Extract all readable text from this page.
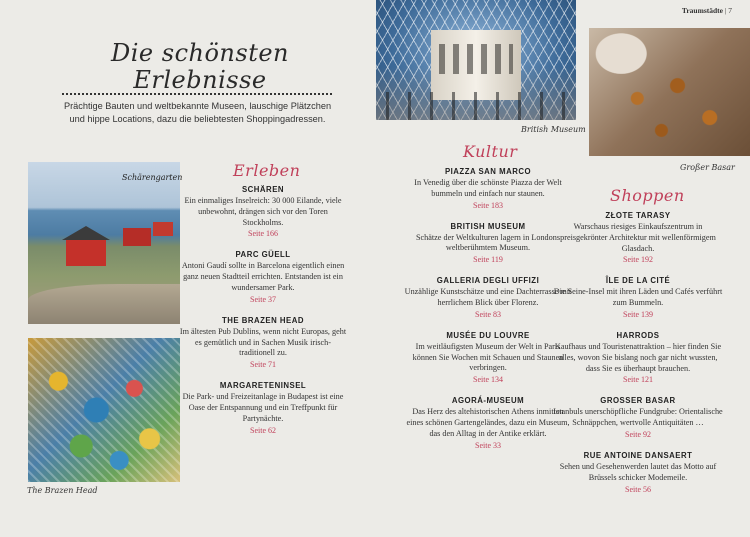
Traumstädte | 7
Die schönsten
Erlebnisse
Prächtige Bauten und weltbekannte Museen, lauschige Plätzchen und hippe Locations, dazu die beliebtesten Shoppingadressen.
British Museum
Großer Basar
Schärengarten
The Brazen Head
Erleben
SCHÄREN

Ein einmaliges Inselreich: 30 000 Eilande, viele unbewohnt, drängen sich vor den Toren Stockholms.

Seite 166
PARC GÜELL

Antoni Gaudí sollte in Barcelona eigentlich einen ganz neuen Stadtteil errichten. Entstanden ist ein wundersamer Park.

Seite 37
THE BRAZEN HEAD

Im ältesten Pub Dublins, wenn nicht Europas, geht es gemütlich und in Sachen Musik irisch-traditionell zu.

Seite 71
MARGARETENINSEL

Die Park- und Freizeitanlage in Budapest ist eine Oase der Entspannung und ein Treffpunkt für Partynächte.

Seite 62
Kultur
PIAZZA SAN MARCO

In Venedig über die schönste Piazza der Welt bummeln und einfach nur staunen.

Seite 183
BRITISH MUSEUM

Schätze der Weltkulturen lagern in Londons weltberühmtem Museum.

Seite 119
GALLERIA DEGLI UFFIZI

Unzählige Kunstschätze und eine Dachterrasse mit herrlichem Blick über Florenz.

Seite 83
MUSÉE DU LOUVRE

Im weitläufigsten Museum der Welt in Paris können Sie Wochen mit Schauen und Staunen verbringen.

Seite 134
AGORÁ-MUSEUM

Das Herz des altehistorischen Athens inmitten eines schönen Gartengeländes, dazu ein Museum, das den Alltag in der Antike erklärt.

Seite 33
Shoppen
ZŁOTE TARASY

Warschaus riesiges Einkaufszentrum in preisgekrönter Architektur mit wellenförmigem Glasdach.

Seite 192
ÎLE DE LA CITÉ

Die Seine-Insel mit ihren Läden und Cafés verführt zum Bummeln.

Seite 139
HARRODS

Kaufhaus und Touristenattraktion – hier finden Sie alles, wovon Sie bislang noch gar nicht wussten, dass Sie es überhaupt brauchen.

Seite 121
GROSSER BASAR

Istanbuls unerschöpfliche Fundgrube: Orientalische Schnäppchen, wertvolle Antiquitäten …

Seite 92
RUE ANTOINE DANSAERT

Sehen und Gesehenwerden lautet das Motto auf Brüssels schicker Modemeile.

Seite 56
